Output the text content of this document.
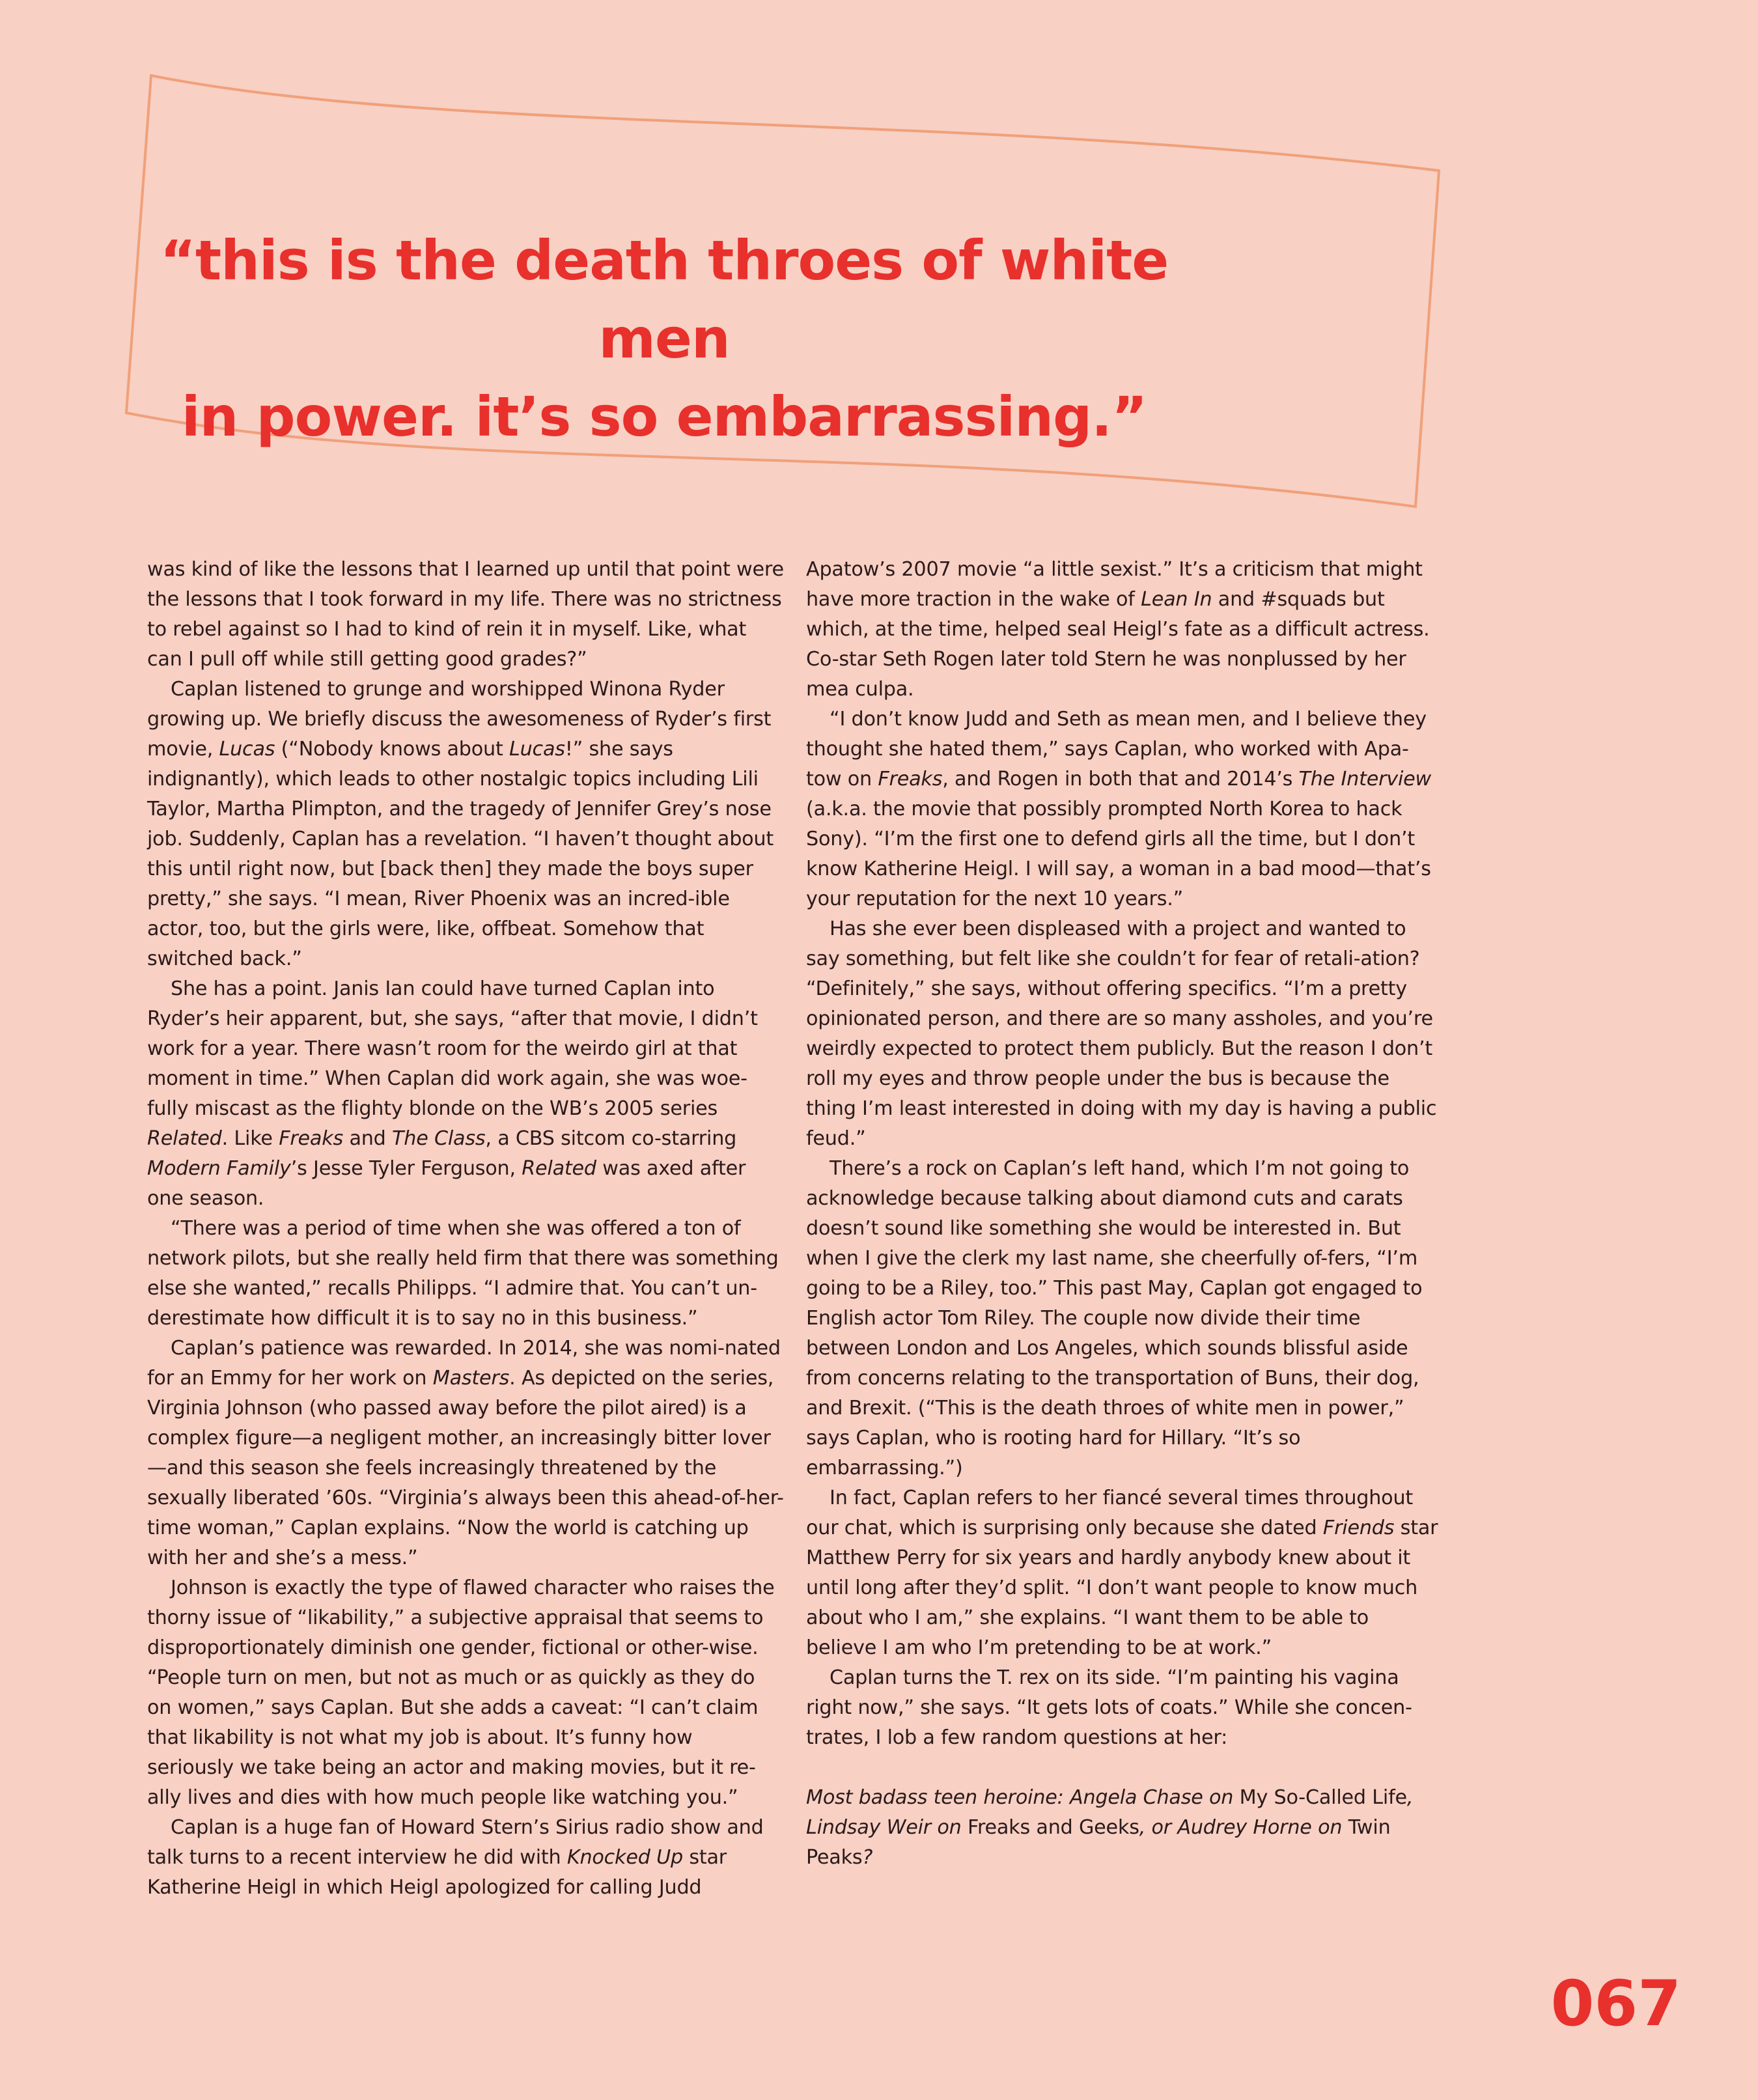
“this is the death throes of white men
in power. it’s so embarrassing.”

was kind of like the lessons that I learned up until that point were the lessons that I took forward in my life. There was no strictness to rebel against so I had to kind of rein it in myself. Like, what can I pull off while still getting good grades?”

Caplan listened to grunge and worshipped Winona Ryder growing up. We briefly discuss the awesomeness of Ryder’s first movie, Lucas (“Nobody knows about Lucas!” she says indignantly), which leads to other nostalgic topics including Lili Taylor, Martha Plimpton, and the tragedy of Jennifer Grey’s nose job. Suddenly, Caplan has a revelation. “I haven’t thought about this until right now, but [back then] they made the boys super pretty,” she says. “I mean, River Phoenix was an incred-ible actor, too, but the girls were, like, offbeat. Somehow that switched back.”

She has a point. Janis Ian could have turned Caplan into Ryder’s heir apparent, but, she says, “after that movie, I didn’t work for a year. There wasn’t room for the weirdo girl at that moment in time.” When Caplan did work again, she was woe-fully miscast as the flighty blonde on the WB’s 2005 series Related. Like Freaks and The Class, a CBS sitcom co-starring Modern Family’s Jesse Tyler Ferguson, Related was axed after one season.

“There was a period of time when she was offered a ton of network pilots, but she really held firm that there was something else she wanted,” recalls Philipps. “I admire that. You can’t un-derestimate how difficult it is to say no in this business.”

Caplan’s patience was rewarded. In 2014, she was nomi-nated for an Emmy for her work on Masters. As depicted on the series, Virginia Johnson (who passed away before the pilot aired) is a complex figure—a negligent mother, an increasingly bitter lover—and this season she feels increasingly threatened by the sexually liberated ’60s. “Virginia’s always been this ahead-of-her-time woman,” Caplan explains. “Now the world is catching up with her and she’s a mess.”

Johnson is exactly the type of flawed character who raises the thorny issue of “likability,” a subjective appraisal that seems to disproportionately diminish one gender, fictional or other-wise. “People turn on men, but not as much or as quickly as they do on women,” says Caplan. But she adds a caveat: “I can’t claim that likability is not what my job is about. It’s funny how seriously we take being an actor and making movies, but it re-ally lives and dies with how much people like watching you.”

Caplan is a huge fan of Howard Stern’s Sirius radio show and talk turns to a recent interview he did with Knocked Up star Katherine Heigl in which Heigl apologized for calling Judd

Apatow’s 2007 movie “a little sexist.” It’s a criticism that might have more traction in the wake of Lean In and #squads but which, at the time, helped seal Heigl’s fate as a difficult actress. Co-star Seth Rogen later told Stern he was nonplussed by her mea culpa.

“I don’t know Judd and Seth as mean men, and I believe they thought she hated them,” says Caplan, who worked with Apa-tow on Freaks, and Rogen in both that and 2014’s The Interview (a.k.a. the movie that possibly prompted North Korea to hack Sony). “I’m the first one to defend girls all the time, but I don’t know Katherine Heigl. I will say, a woman in a bad mood—that’s your reputation for the next 10 years.”

Has she ever been displeased with a project and wanted to say something, but felt like she couldn’t for fear of retali-ation? “Definitely,” she says, without offering specifics. “I’m a pretty opinionated person, and there are so many assholes, and you’re weirdly expected to protect them publicly. But the reason I don’t roll my eyes and throw people under the bus is because the thing I’m least interested in doing with my day is having a public feud.”

There’s a rock on Caplan’s left hand, which I’m not going to acknowledge because talking about diamond cuts and carats doesn’t sound like something she would be interested in. But when I give the clerk my last name, she cheerfully of-fers, “I’m going to be a Riley, too.” This past May, Caplan got engaged to English actor Tom Riley. The couple now divide their time between London and Los Angeles, which sounds blissful aside from concerns relating to the transportation of Buns, their dog, and Brexit. (“This is the death throes of white men in power,” says Caplan, who is rooting hard for Hillary. “It’s so embarrassing.”)

In fact, Caplan refers to her fiancé several times throughout our chat, which is surprising only because she dated Friends star Matthew Perry for six years and hardly anybody knew about it until long after they’d split. “I don’t want people to know much about who I am,” she explains. “I want them to be able to believe I am who I’m pretending to be at work.”

Caplan turns the T. rex on its side. “I’m painting his vagina right now,” she says. “It gets lots of coats.” While she concen-trates, I lob a few random questions at her:

Most badass teen heroine: Angela Chase on My So-Called Life, Lindsay Weir on Freaks and Geeks, or Audrey Horne on Twin Peaks?

067
